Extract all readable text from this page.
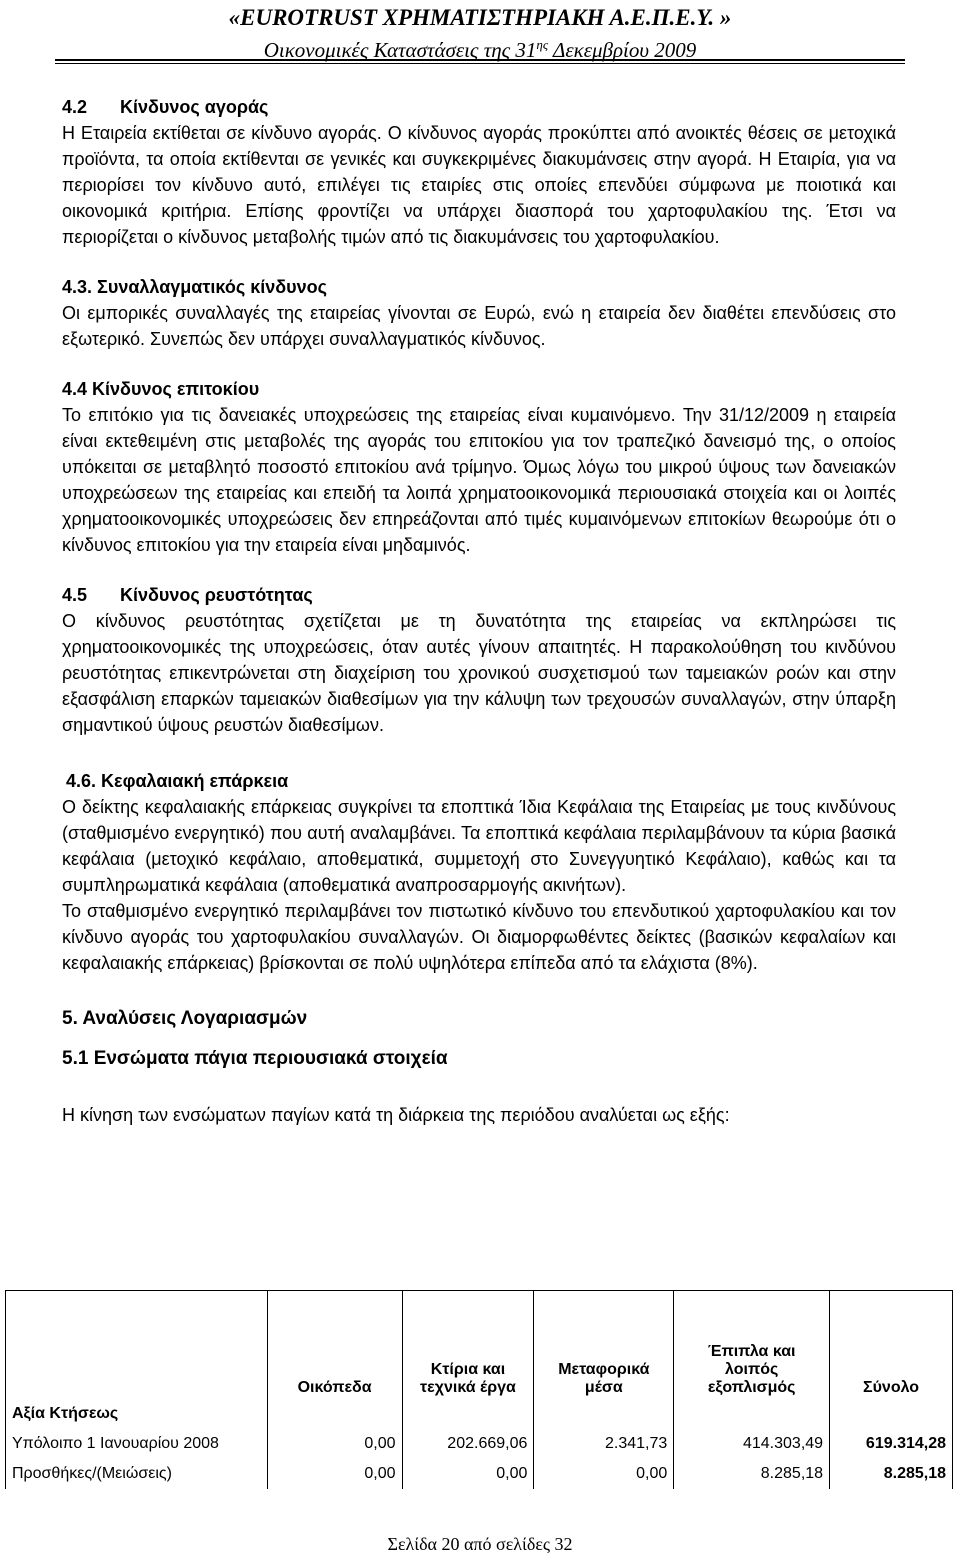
«EUROTRUST ΧΡΗΜΑΤΙΣΤΗΡΙΑΚΗ Α.Ε.Π.Ε.Υ. »
Οικονομικές Καταστάσεις της $31^{\eta\varsigma}$ Δεκεμβρίου 2009
4.2 Κίνδυνος αγοράς

Η Εταιρεία εκτίθεται σε κίνδυνο αγοράς. Ο κίνδυνος αγοράς προκύπτει από ανοικτές θέσεις σε μετοχικά προϊόντα, τα οποία εκτίθενται σε γενικές και συγκεκριμένες διακυμάνσεις στην αγορά. Η Εταιρία, για να περιορίσει τον κίνδυνο αυτό, επιλέγει τις εταιρίες στις οποίες επενδύει σύμφωνα με ποιοτικά και οικονομικά κριτήρια. Επίσης φροντίζει να υπάρχει διασπορά του χαρτοφυλακίου της. Έτσι να περιορίζεται ο κίνδυνος μεταβολής τιμών από τις διακυμάνσεις του χαρτοφυλακίου.

4.3. Συναλλαγματικός κίνδυνος

Οι εμπορικές συναλλαγές της εταιρείας γίνονται σε Ευρώ, ενώ η εταιρεία δεν διαθέτει επενδύσεις στο εξωτερικό. Συνεπώς δεν υπάρχει συναλλαγματικός κίνδυνος.

4.4 Κίνδυνος επιτοκίου

Το επιτόκιο για τις δανειακές υποχρεώσεις της εταιρείας είναι κυμαινόμενο. Την 31/12/2009 η εταιρεία είναι εκτεθειμένη στις μεταβολές της αγοράς του επιτοκίου για τον τραπεζικό δανεισμό της, ο οποίος υπόκειται σε μεταβλητό ποσοστό επιτοκίου ανά τρίμηνο. Όμως λόγω του μικρού ύψους των δανειακών υποχρεώσεων της εταιρείας και επειδή τα λοιπά χρηματοοικονομικά περιουσιακά στοιχεία και οι λοιπές χρηματοοικονομικές υποχρεώσεις δεν επηρεάζονται από τιμές κυμαινόμενων επιτοκίων θεωρούμε ότι ο κίνδυνος επιτοκίου για την εταιρεία είναι μηδαμινός.

4.5 Κίνδυνος ρευστότητας

Ο κίνδυνος ρευστότητας σχετίζεται με τη δυνατότητα της εταιρείας να εκπληρώσει τις χρηματοοικονομικές της υποχρεώσεις, όταν αυτές γίνουν απαιτητές. Η παρακολούθηση του κινδύνου ρευστότητας επικεντρώνεται στη διαχείριση του χρονικού συσχετισμού των ταμειακών ροών και στην εξασφάλιση επαρκών ταμειακών διαθεσίμων για την κάλυψη των τρεχουσών συναλλαγών, στην ύπαρξη σημαντικού ύψους ρευστών διαθεσίμων.

4.6. Κεφαλαιακή επάρκεια

Ο δείκτης κεφαλαιακής επάρκειας συγκρίνει τα εποπτικά Ίδια Κεφάλαια της Εταιρείας με τους κινδύνους (σταθμισμένο ενεργητικό) που αυτή αναλαμβάνει. Τα εποπτικά κεφάλαια περιλαμβάνουν τα κύρια βασικά κεφάλαια (μετοχικό κεφάλαιο, αποθεματικά, συμμετοχή στο Συνεγγυητικό Κεφάλαιο), καθώς και τα συμπληρωματικά κεφάλαια (αποθεματικά αναπροσαρμογής ακινήτων).

Το σταθμισμένο ενεργητικό περιλαμβάνει τον πιστωτικό κίνδυνο του επενδυτικού χαρτοφυλακίου και τον κίνδυνο αγοράς του χαρτοφυλακίου συναλλαγών. Οι διαμορφωθέντες δείκτες (βασικών κεφαλαίων και κεφαλαιακής επάρκειας) βρίσκονται σε πολύ υψηλότερα επίπεδα από τα ελάχιστα (8%).

5. Αναλύσεις Λογαριασμών
5.1 Ενσώματα πάγια περιουσιακά στοιχεία

Η κίνηση των ενσώματων παγίων κατά τη διάρκεια της περιόδου αναλύεται ως εξής:

	Οικόπεδα	Κτίρια και τεχνικά έργα	Μεταφορικά μέσα	Έπιπλα και λοιπός εξοπλισμός	Σύνολο
Αξία Κτήσεως					
Υπόλοιπο 1 Ιανουαρίου 2008	0,00	202.669,06	2.341,73	414.303,49	619.314,28
Προσθήκες/(Μειώσεις)	0,00	0,00	0,00	8.285,18	8.285,18
Σελίδα 20 από σελίδες 32
